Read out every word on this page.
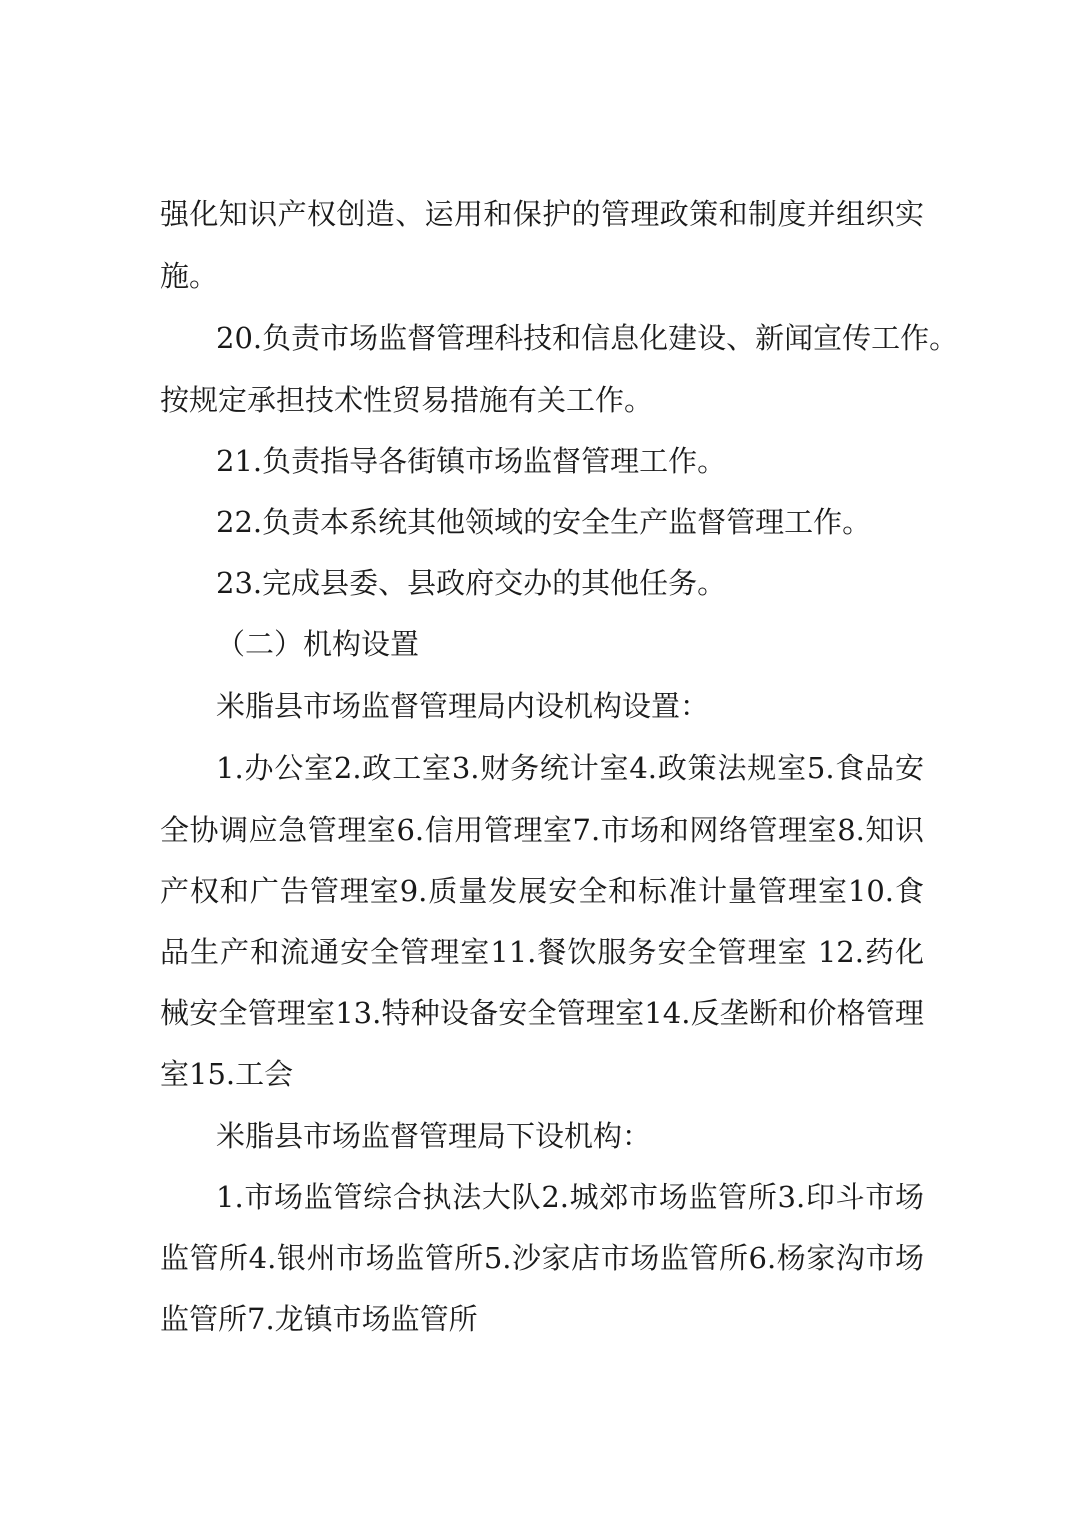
强化知识产权创造、运用和保护的管理政策和制度并组织实
施。
20.负责市场监督管理科技和信息化建设、新闻宣传工作。
按规定承担技术性贸易措施有关工作。
21.负责指导各街镇市场监督管理工作。
22.负责本系统其他领域的安全生产监督管理工作。
23.完成县委、县政府交办的其他任务。
（二）机构设置
米脂县市场监督管理局内设机构设置：
1.办公室2.政工室3.财务统计室4.政策法规室5.食品安
全协调应急管理室6.信用管理室7.市场和网络管理室8.知识
产权和广告管理室9.质量发展安全和标准计量管理室10.食
品生产和流通安全管理室11.餐饮服务安全管理室 12.药化
械安全管理室13.特种设备安全管理室14.反垄断和价格管理
室15.工会
米脂县市场监督管理局下设机构：
1.市场监管综合执法大队2.城郊市场监管所3.印斗市场
监管所4.银州市场监管所5.沙家店市场监管所6.杨家沟市场
监管所7.龙镇市场监管所
